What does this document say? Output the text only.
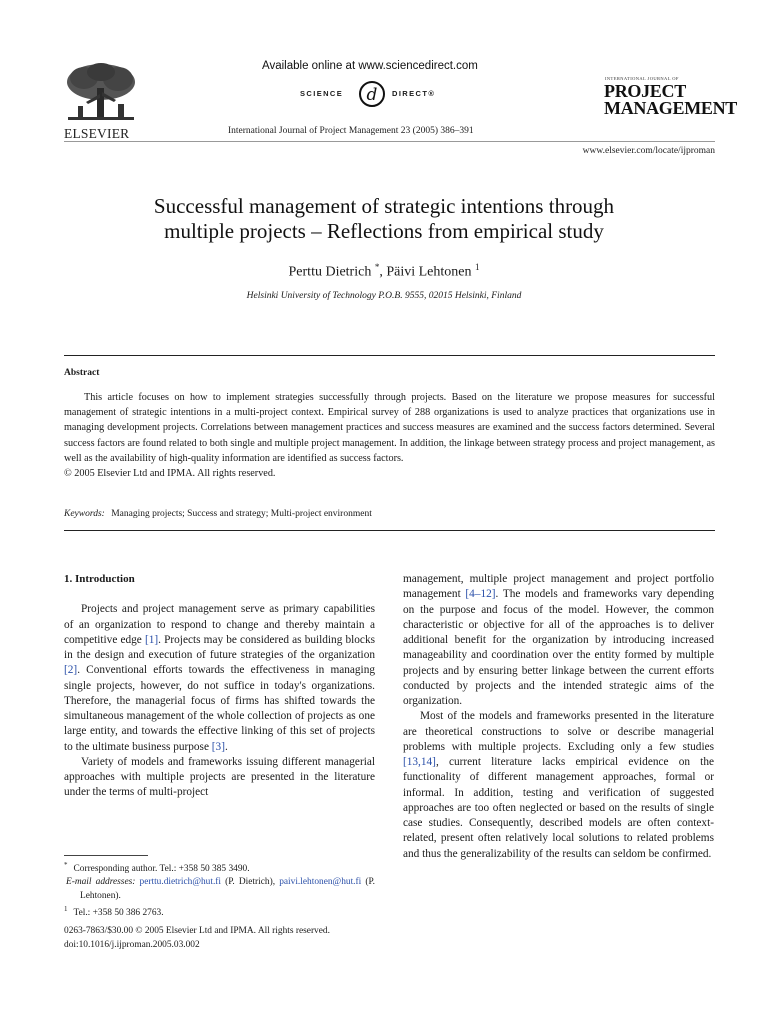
ELSEVIER
Available online at www.sciencedirect.com
SCIENCE d DIRECT®
International Journal of Project Management 23 (2005) 386–391
INTERNATIONAL JOURNAL OF
PROJECT
MANAGEMENT
www.elsevier.com/locate/ijproman
Successful management of strategic intentions through
multiple projects – Reflections from empirical study
Perttu Dietrich *, Päivi Lehtonen $^1$
Helsinki University of Technology P.O.B. 9555, 02015 Helsinki, Finland
Abstract

This article focuses on how to implement strategies successfully through projects. Based on the literature we propose measures for successful management of strategic intentions in a multi-project context. Empirical survey of 288 organizations is used to analyze practices that organizations use in managing development projects. Correlations between management practices and success measures are examined and the success factors determined. Several success factors are found related to both single and multiple project management. In addition, the linkage between strategy process and project management, as well as the availability of high-quality information are identified as success factors.

© 2005 Elsevier Ltd and IPMA. All rights reserved.
Keywords: Managing projects; Success and strategy; Multi-project environment
1. Introduction

Projects and project management serve as primary capabilities of an organization to respond to change and thereby maintain a competitive edge [1]. Projects may be considered as building blocks in the design and execution of future strategies of the organization [2]. Conventional efforts towards the effectiveness in managing single projects, however, do not suffice in today's organizations. Therefore, the managerial focus of firms has shifted towards the simultaneous management of the whole collection of projects as one large entity, and towards the effective linking of this set of projects to the ultimate business purpose [3].

Variety of models and frameworks issuing different managerial approaches with multiple projects are presented in the literature under the terms of multi-project

* Corresponding author. Tel.: +358 50 385 3490.
E-mail addresses: perttu.dietrich@hut.fi (P. Dietrich), paivi.lehtonen@hut.fi (P. Lehtonen).
$^1$ Tel.: +358 50 386 2763.
0263-7863/$30.00 © 2005 Elsevier Ltd and IPMA. All rights reserved.
doi:10.1016/j.ijproman.2005.03.002

management, multiple project management and project portfolio management [4–12]. The models and frameworks vary depending on the purpose and focus of the model. However, the common characteristic or objective for all of the approaches is to deliver additional benefit for the organization by introducing increased manageability and coordination over the entity formed by multiple projects and by ensuring better linkage between the current efforts conducted by projects and the intended strategic aims of the organization.

Most of the models and frameworks presented in the literature are theoretical constructions to solve or describe managerial problems with multiple projects. Excluding only a few studies [13,14], current literature lacks empirical evidence on the functionality of different management approaches, formal or informal. In addition, testing and verification of suggested approaches are too often neglected or based on the results of single case studies. Consequently, described models are often context-related, present often relatively local solutions to related problems and thus the generalizability of the results can seldom be confirmed.
